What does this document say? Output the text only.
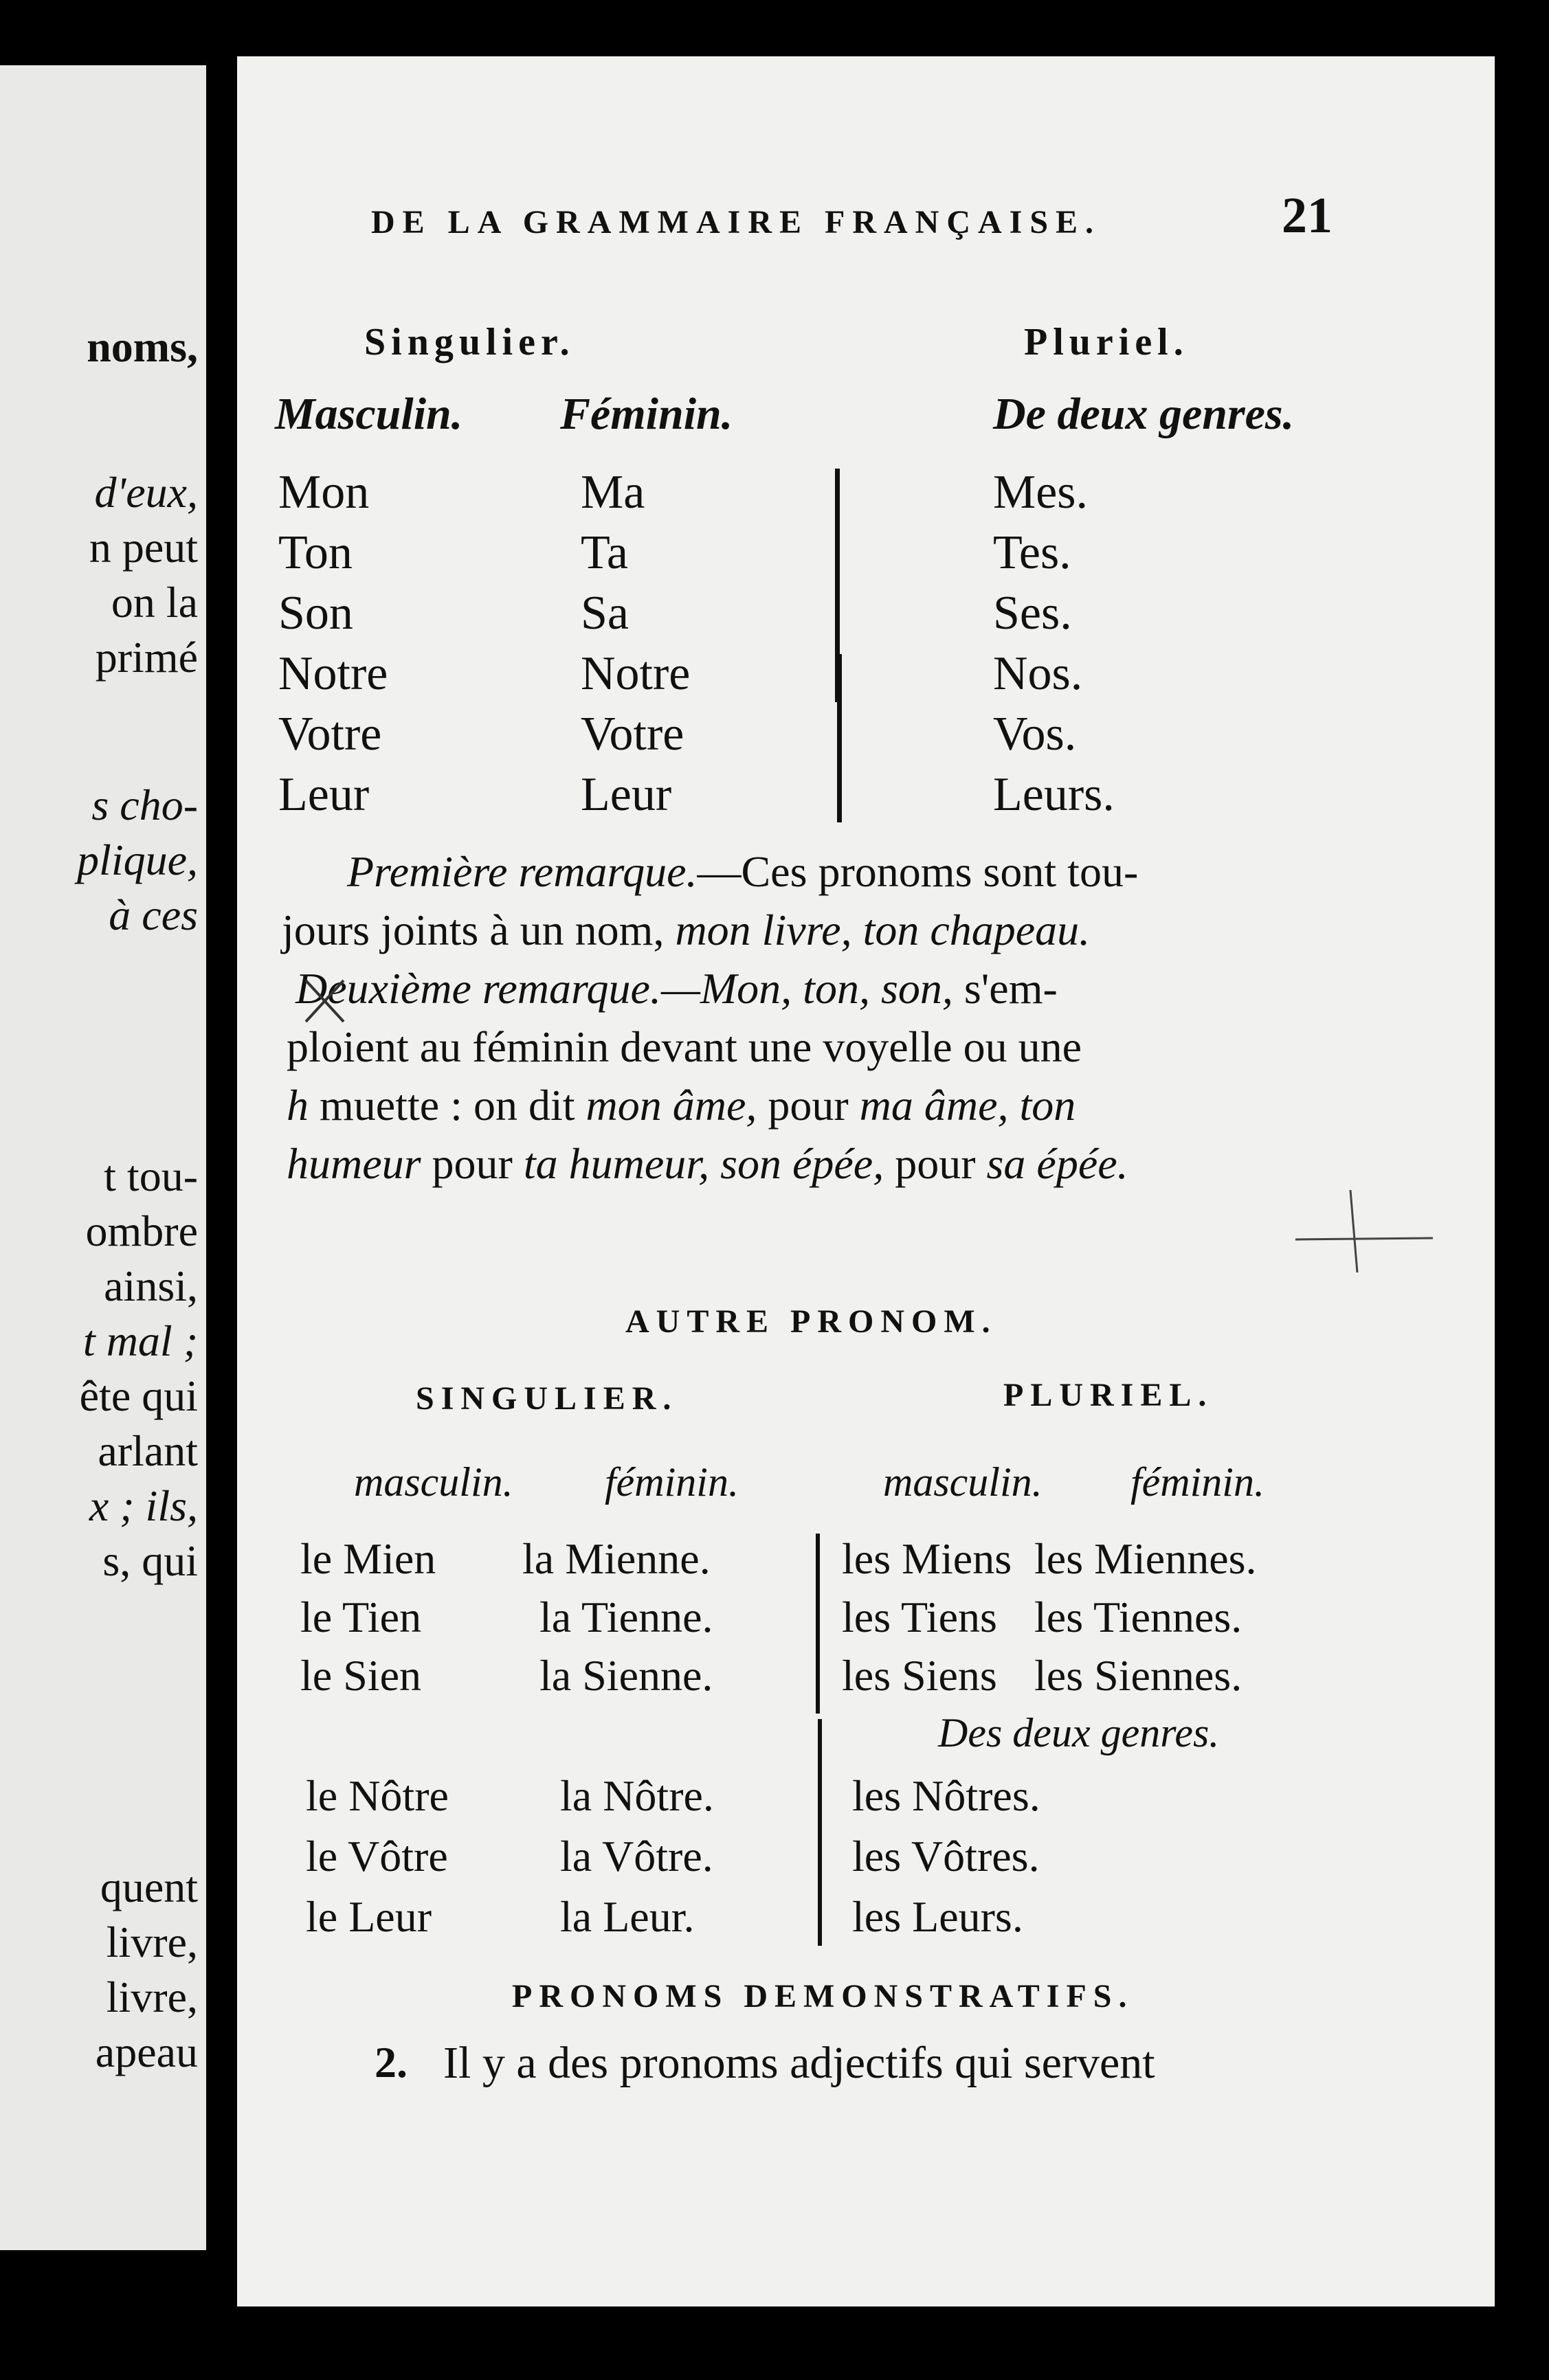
noms,
d'eux,
n peut
on la
primé
s cho-
plique,
à ces
t tou-
ombre
ainsi,
t mal ;
ête qui
arlant
x ; ils,
s, qui
quent
livre,
livre,
apeau
DE LA GRAMMAIRE FRANÇAISE.	21
Singulier.	Pluriel.
Masculin. Féminin.	De deux genres.
Mon	Ma	Mes.
Ton	Ta	Tes.
Son	Sa	Ses.
Notre	Notre	Nos.
Votre	Votre	Vos.
Leur	Leur	Leurs.
Première remarque.—Ces pronoms sont tou-
jours joints à un nom, mon livre, ton chapeau.
Deuxième remarque.—Mon, ton, son, s'em-
ploient au féminin devant une voyelle ou une
h muette : on dit mon âme, pour ma âme, ton
humeur pour ta humeur, son épée, pour sa épée.
AUTRE PRONOM.
SINGULIER.	PLURIEL.
masculin. féminin.	masculin. féminin.
le Mien la Mienne.	les Miens les Miennes.
le Tien	la Tienne.	les Tiens les Tiennes.
le Sien	la Sienne.	les Siens les Siennes.
Des deux genres.
le Nôtre	la Nôtre.	les Nôtres.
le Vôtre	la Vôtre.	les Vôtres.
le Leur	la Leur.	les Leurs.
PRONOMS DEMONSTRATIFS.
2. Il y a des pronoms adjectifs qui servent
